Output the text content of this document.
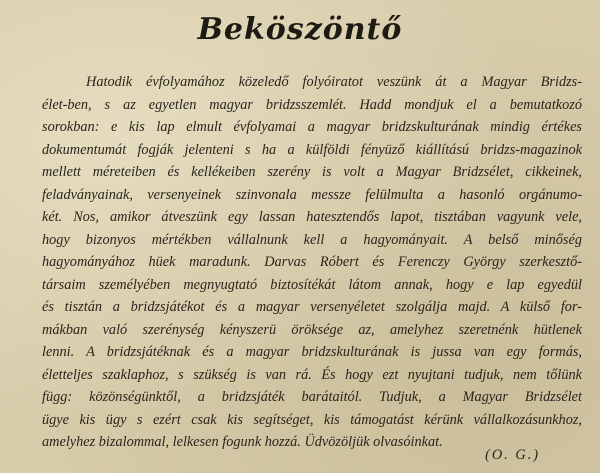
Beköszöntő
Hatodik évfolyamához közeledő folyóiratot veszünk át a Magyar Bridzs-
élet-ben, s az egyetlen magyar bridzsszemlét. Hadd mondjuk el a bemutatkozó
sorokban: e kis lap elmult évfolyamai a magyar bridzskulturának mindig értékes
dokumentumát fogják jelenteni s ha a külföldi fényüző kiállítású bridzs-magazinok
mellett méreteiben és kellékeiben szerény is volt a Magyar Bridzsélet, cikkeinek,
feladványainak, versenyeinek szinvonala messze felülmulta a hasonló orgánumo-
két. Nos, amikor átveszünk egy lassan hatesztendős lapot, tisztában vagyunk vele,
hogy bizonyos mértékben vállalnunk kell a hagyományait. A belső minőség
hagyományához hüek maradunk. Darvas Róbert és Ferenczy György szerkesztő-
társaim személyében megnyugtató biztosítékát látom annak, hogy e lap egyedül
és tisztán a bridzsjátékot és a magyar versenyéletet szolgálja majd. A külső for-
mákban való szerénység kényszerü öröksége az, amelyhez szeretnénk hütlenek
lenni. A bridzsjátéknak és a magyar bridzskulturának is jussa van egy formás,
életteljes szaklaphoz, s szükség is van rá. És hogy ezt nyujtani tudjuk, nem tőlünk
függ: közönségünktől, a bridzsjáték barátaitól. Tudjuk, a Magyar Bridzsélet
ügye kis ügy s ezért csak kis segítséget, kis támogatást kérünk vállalkozásunkhoz,
amelyhez bizalommal, lelkesen fogunk hozzá. Üdvözöljük olvasóinkat.
(O. G.)
